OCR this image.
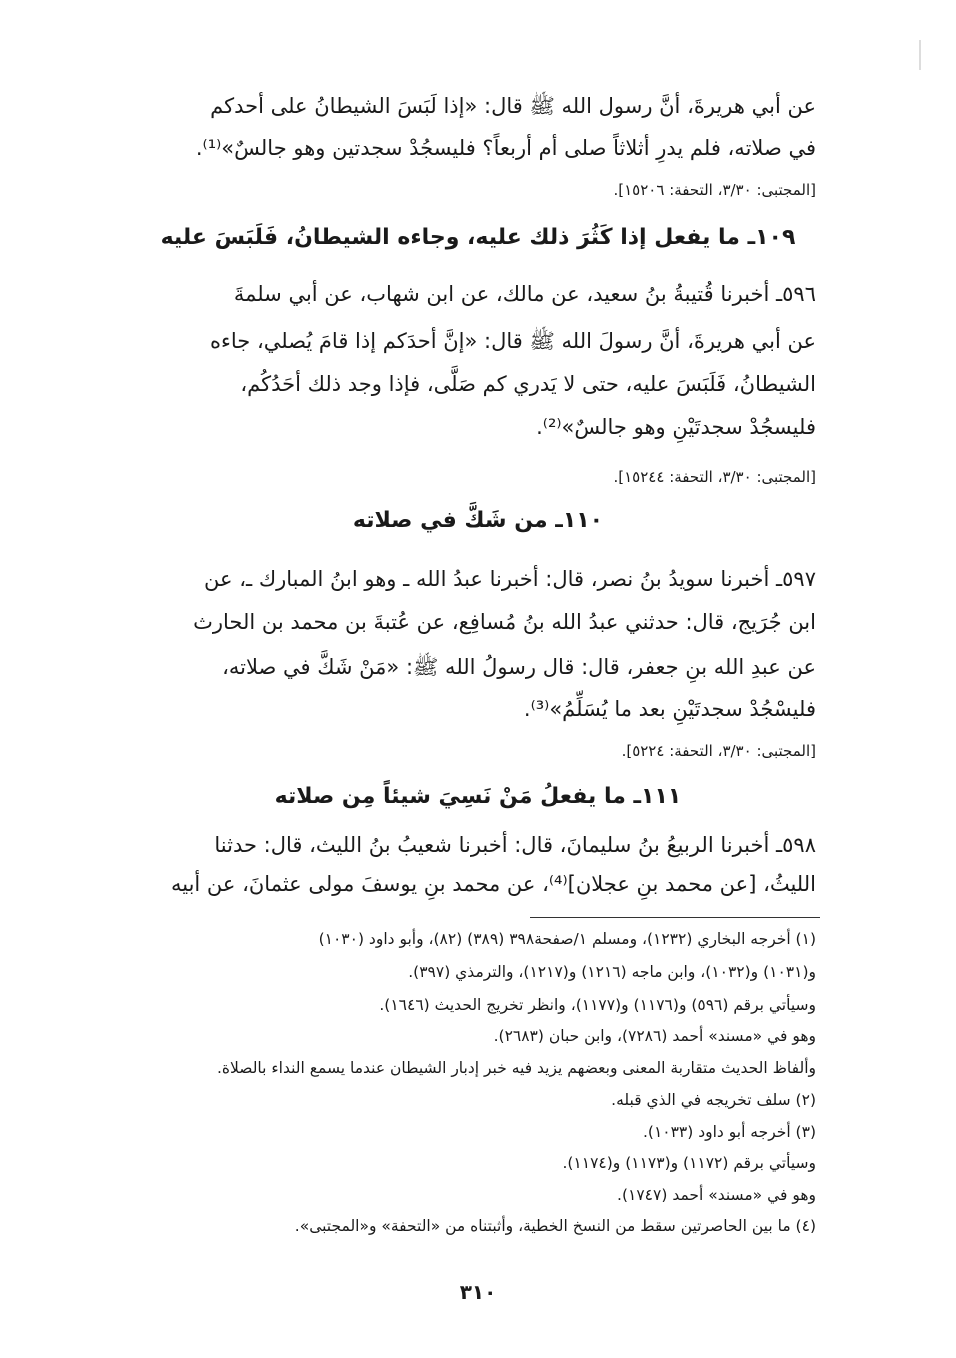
عن أبي هريرةَ، أنَّ رسول الله ﷺ قال: «إذا لَبَسَ الشيطانُ على أحدكم
في صلاته، فلم يدرِ أثلاثاً صلى أم أربعاً؟ فليسجُدْ سجدتين وهو جالسٌ»⁽¹⁾.
[المجتبى: ٣/٣٠، التحفة: ١٥٢٠٦].
١٠٩ـ ما يفعل إذا كَثُرَ ذلك عليه، وجاءه الشيطانُ، فَلَبَسَ عليه
٥٩٦ـ أخبرنا قُتيبةُ بنُ سعيد، عن مالك، عن ابن شهاب، عن أبي سلمةَ
عن أبي هريرةَ، أنَّ رسولَ الله ﷺ قال: «إنَّ أحدَكم إذا قامَ يُصلي، جاءه
الشيطانُ، فَلَبَسَ عليه، حتى لا يَدري كم صَلَّى، فإذا وجد ذلك أحَدُكُم،
فليسجُدْ سجدتَيْنِ وهو جالسٌ»⁽²⁾.
[المجتبى: ٣/٣٠، التحفة: ١٥٢٤٤].
١١٠ـ من شَكَّ في صلاته
٥٩٧ـ أخبرنا سويدُ بنُ نصر، قال: أخبرنا عبدُ الله ـ وهو ابنُ المبارك ـ، عن
ابن جُرَيج، قال: حدثني عبدُ الله بنُ مُسافِع، عن عُتبةَ بن محمد بن الحارث
عن عبدِ الله بنِ جعفر، قال: قال رسولُ الله ﷺ: «مَنْ شَكَّ في صلاته،
فليسْجُدْ سجدتَيْنِ بعد ما يُسَلِّمُ»⁽³⁾.
[المجتبى: ٣/٣٠، التحفة: ٥٢٢٤].
١١١ـ ما يفعلُ مَنْ نَسِيَ شيئاً مِن صلاته
٥٩٨ـ أخبرنا الربيعُ بنُ سليمانَ، قال: أخبرنا شعيبُ بنُ الليث، قال: حدثنا
الليثُ، [عن محمد بنِ عجلان]⁽⁴⁾، عن محمد بنِ يوسفَ مولى عثمانَ، عن أبيه
(١) أخرجه البخاري (١٢٣٢)، ومسلم ١/صفحة٣٩٨ (٣٨٩) (٨٢)، وأبو داود (١٠٣٠)
و(١٠٣١) و(١٠٣٢)، وابن ماجه (١٢١٦) و(١٢١٧)، والترمذي (٣٩٧).
وسيأتي برقم (٥٩٦) و(١١٧٦) و(١١٧٧)، وانظر تخريج الحديث (١٦٤٦).
وهو في «مسند» أحمد (٧٢٨٦)، وابن حبان (٢٦٨٣).
وألفاظ الحديث متقاربة المعنى وبعضهم يزيد فيه خبر إدبار الشيطان عندما يسمع النداء بالصلاة.
(٢) سلف تخريجه في الذي قبله.
(٣) أخرجه أبو داود (١٠٣٣).
وسيأتي برقم (١١٧٢) و(١١٧٣) و(١١٧٤).
وهو في «مسند» أحمد (١٧٤٧).
(٤) ما بين الحاصرتين سقط من النسخ الخطية، وأثبتناه من «التحفة» و«المجتبى».
٣١٠
